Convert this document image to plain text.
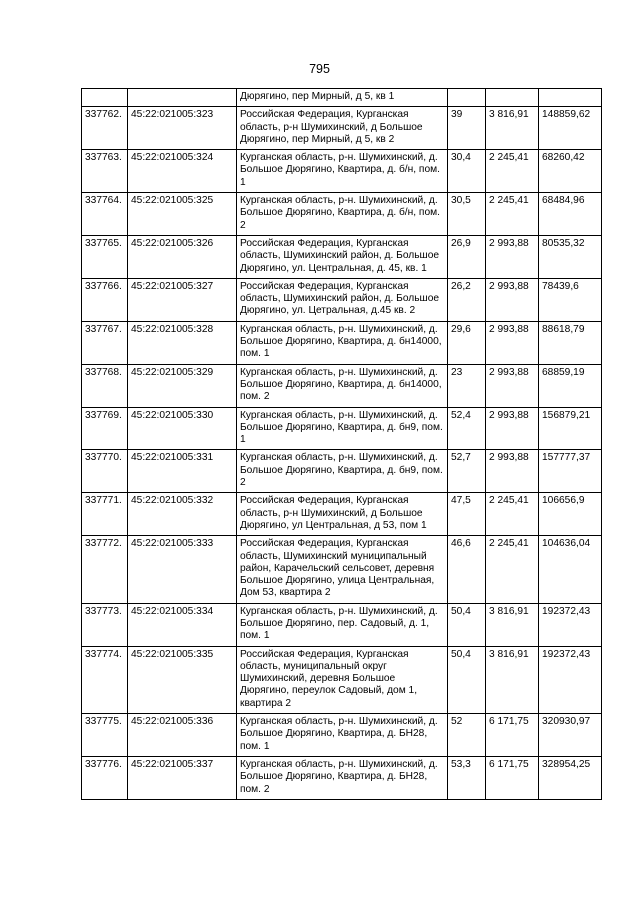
795
		Дюрягино, пер Мирный, д 5, кв 1			
337762.	45:22:021005:323	Российская Федерация, Курганская область, р-н Шумихинский, д Большое Дюрягино, пер Мирный, д 5, кв 2	39	3 816,91	148859,62
337763.	45:22:021005:324	Курганская область, р-н. Шумихинский, д. Большое Дюрягино, Квартира, д. б/н, пом. 1	30,4	2 245,41	68260,42
337764.	45:22:021005:325	Курганская область, р-н. Шумихинский, д. Большое Дюрягино, Квартира, д. б/н, пом. 2	30,5	2 245,41	68484,96
337765.	45:22:021005:326	Российская Федерация, Курганская область, Шумихинский район, д. Большое Дюрягино, ул. Центральная, д. 45, кв. 1	26,9	2 993,88	80535,32
337766.	45:22:021005:327	Российская Федерация, Курганская область, Шумихинский район, д. Большое Дюрягино, ул. Цетральная, д.45 кв. 2	26,2	2 993,88	78439,6
337767.	45:22:021005:328	Курганская область, р-н. Шумихинский, д. Большое Дюрягино, Квартира, д. бн14000, пом. 1	29,6	2 993,88	88618,79
337768.	45:22:021005:329	Курганская область, р-н. Шумихинский, д. Большое Дюрягино, Квартира, д. бн14000, пом. 2	23	2 993,88	68859,19
337769.	45:22:021005:330	Курганская область, р-н. Шумихинский, д. Большое Дюрягино, Квартира, д. бн9, пом. 1	52,4	2 993,88	156879,21
337770.	45:22:021005:331	Курганская область, р-н. Шумихинский, д. Большое Дюрягино, Квартира, д. бн9, пом. 2	52,7	2 993,88	157777,37
337771.	45:22:021005:332	Российская Федерация, Курганская область, р-н Шумихинский, д Большое Дюрягино, ул Центральная, д 53, пом 1	47,5	2 245,41	106656,9
337772.	45:22:021005:333	Российская Федерация, Курганская область, Шумихинский муниципальный район, Карачельский сельсовет, деревня Большое Дюрягино, улица Центральная, Дом 53, квартира 2	46,6	2 245,41	104636,04
337773.	45:22:021005:334	Курганская область, р-н. Шумихинский, д. Большое Дюрягино, пер. Садовый, д. 1, пом. 1	50,4	3 816,91	192372,43
337774.	45:22:021005:335	Российская Федерация, Курганская область, муниципальный округ Шумихинский, деревня Большое Дюрягино, переулок Садовый, дом 1, квартира 2	50,4	3 816,91	192372,43
337775.	45:22:021005:336	Курганская область, р-н. Шумихинский, д. Большое Дюрягино, Квартира, д. БН28, пом. 1	52	6 171,75	320930,97
337776.	45:22:021005:337	Курганская область, р-н. Шумихинский, д. Большое Дюрягино, Квартира, д. БН28, пом. 2	53,3	6 171,75	328954,25
